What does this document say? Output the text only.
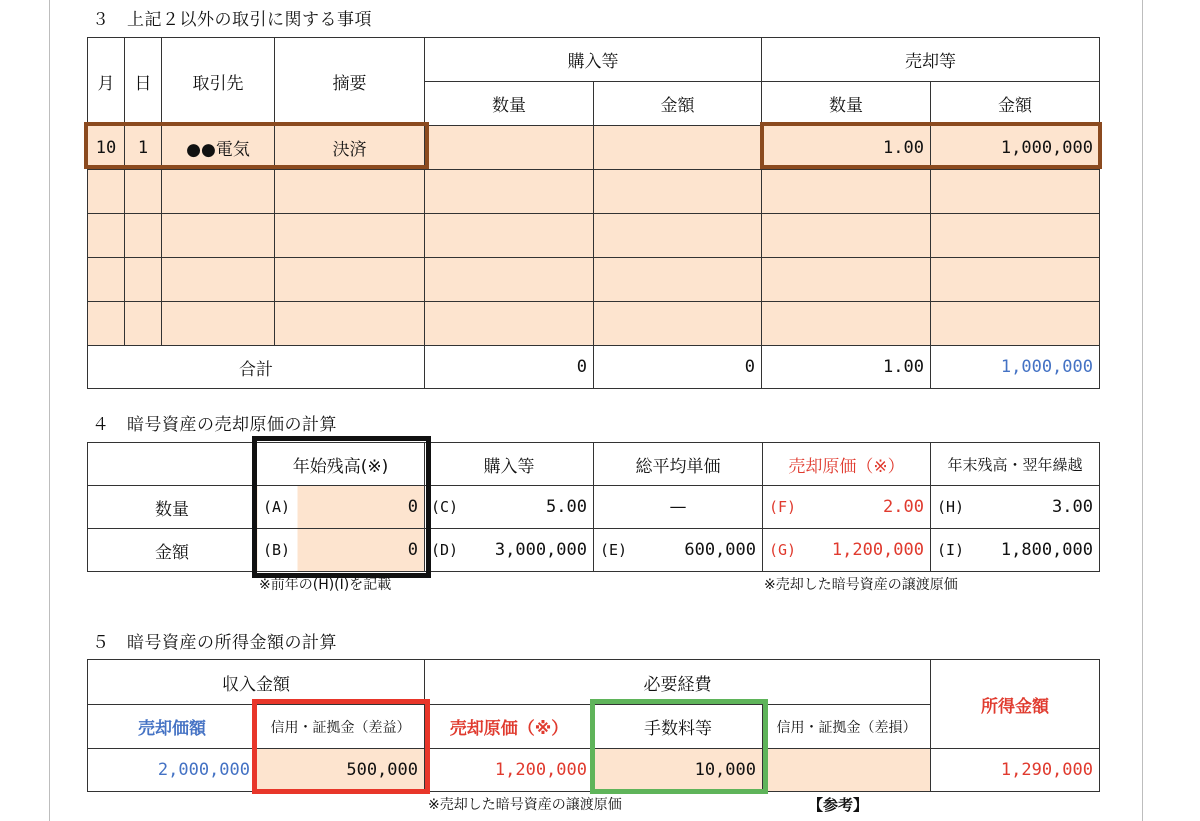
３　上記２以外の取引に関する事項
月	日	取引先	摘要	購入等		売却等	
				数量	金額	数量	金額
10	1	●●電気	決済			1.00	1,000,000

合計				0	0	1.00	1,000,000
４　暗号資産の売却原価の計算
	年始残高(※)	購入等	総平均単価	売却原価（※）	年末残高・翌年繰越
数量	(A) 0	(C) 5.00	—	(F) 2.00	(H) 3.00

金額	(B) 0	(D) 3,000,000	(E) 600,000	(G) 1,200,000	(I) 1,800,000
※前年の(H)(I)を記載	※売却した暗号資産の譲渡原価
５　暗号資産の所得金額の計算
収入金額		必要経費			所得金額
売却価額	信用・証拠金（差益）	売却原価（※）	手数料等	信用・証拠金（差損）	
2,000,000	500,000	1,200,000	10,000		1,290,000
※売却した暗号資産の譲渡原価	【参考】
